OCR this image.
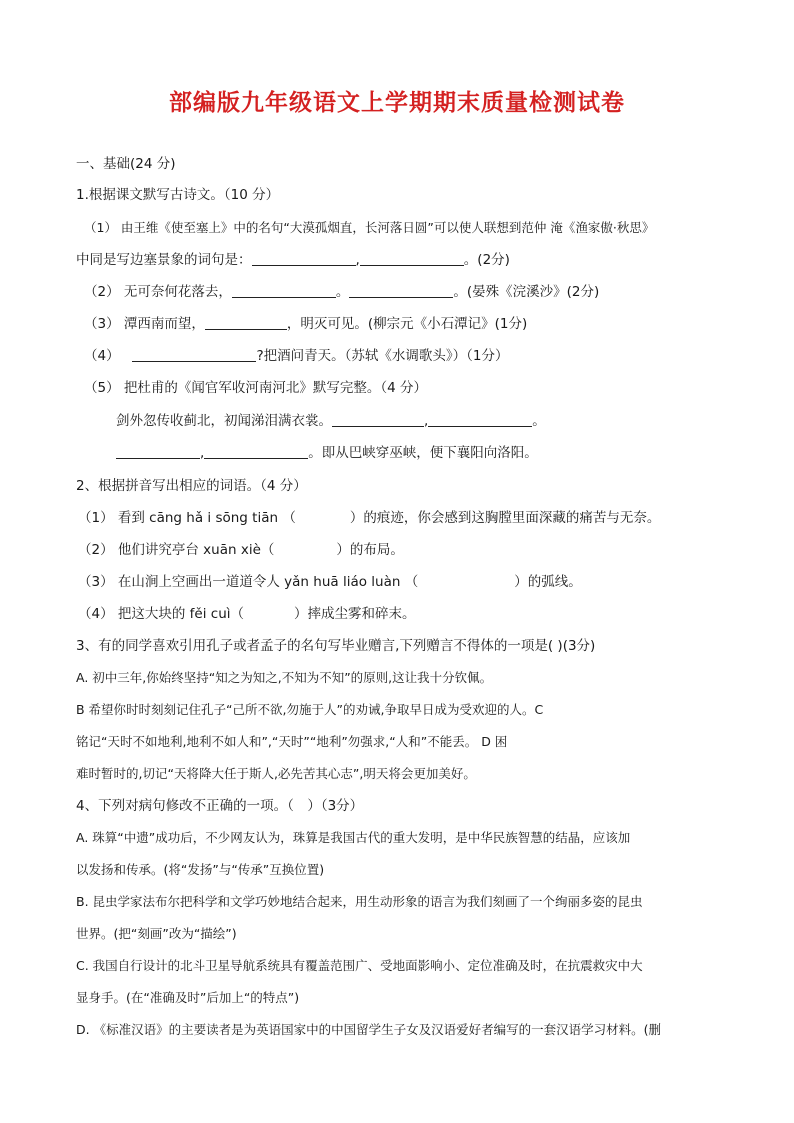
部编版九年级语文上学期期末质量检测试卷
一、基础(24 分)
1.根据课文默写古诗文。（10 分）
（1） 由王维《使至塞上》中的名句“大漠孤烟直，长河落日圆”可以使人联想到范仲 淹《渔家傲·秋思》
中同是写边塞景象的词句是：	,	。(2分)
（2） 无可奈何花落去，	。	。(晏殊《浣溪沙》(2分)
（3） 潭西南而望，	，明灭可见。(柳宗元《小石潭记》(1分)
（4）	?把酒问青天。（苏轼《水调歌头》）（1分）
（5） 把杜甫的《闻官军收河南河北》默写完整。（4 分）
剑外忽传收蓟北，初闻涕泪满衣裳。	,	。
,	。即从巴峡穿巫峡，便下襄阳向洛阳。
2、根据拼音写出相应的词语。（4 分）
（1） 看到 cāng hǎ i sōng tiān （	）的痕迹，你会感到这胸膛里面深藏的痛苦与无奈。
（2） 他们讲究亭台 xuān xiè（	）的布局。
（3） 在山涧上空画出一道道令人 yǎn huā liáo luàn （	）的弧线。
（4） 把这大块的 fěi cuì（	）摔成尘雾和碎末。
3、有的同学喜欢引用孔子或者孟子的名句写毕业赠言,下列赠言不得体的一项是( )(3分)
A. 初中三年,你始终坚持“知之为知之,不知为不知”的原则,这让我十分钦佩。
B 希望你时时刻刻记住孔子“己所不欲,勿施于人”的劝诫,争取早日成为受欢迎的人。C
铭记“天时不如地利,地利不如人和”,“天时”“地利”勿强求,“人和”不能丢。 D 困
难时暂时的,切记“天将降大任于斯人,必先苦其心志”,明天将会更加美好。
4、下列对病句修改不正确的一项。（　）（3分）
A. 珠算“中遗”成功后，不少网友认为，珠算是我国古代的重大发明，是中华民族智慧的结晶，应该加
以发扬和传承。(将“发扬”与“传承”互换位置)
B. 昆虫学家法布尔把科学和文学巧妙地结合起来，用生动形象的语言为我们刻画了一个绚丽多姿的昆虫
世界。(把“刻画”改为“描绘”)
C. 我国自行设计的北斗卫星导航系统具有覆盖范围广、受地面影响小、定位准确及时，在抗震救灾中大
显身手。(在“准确及时”后加上“的特点”)
D. 《标准汉语》的主要读者是为英语国家中的中国留学生子女及汉语爱好者编写的一套汉语学习材料。(删
